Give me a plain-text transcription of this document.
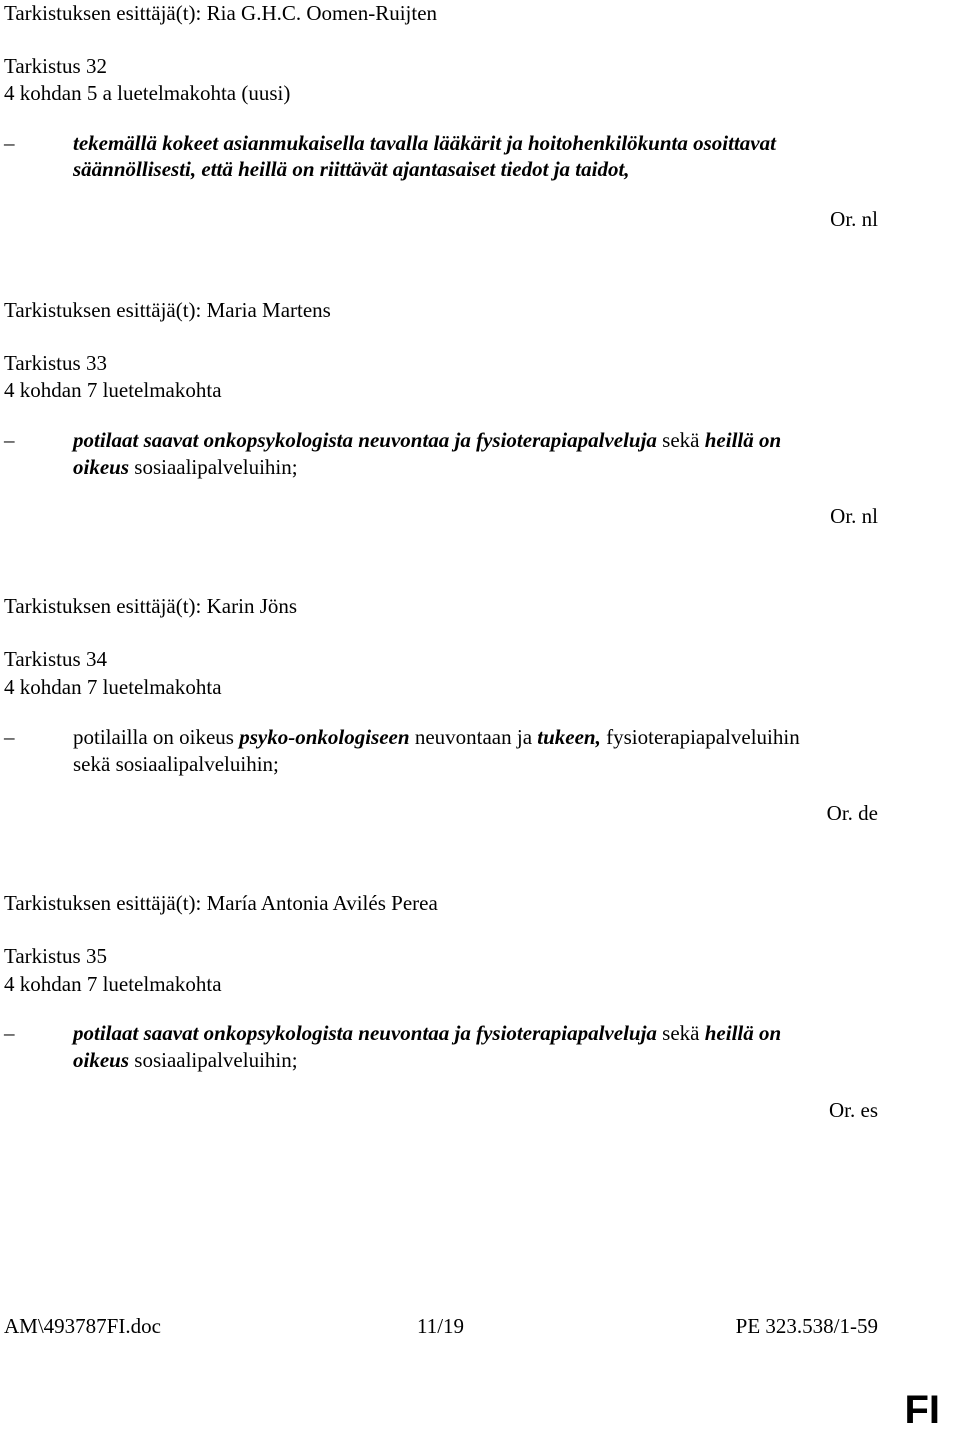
Tarkistuksen esittäjä(t): Ria G.H.C. Oomen-Ruijten
Tarkistus 32
4 kohdan 5 a luetelmakohta (uusi)
–	tekemällä kokeet asianmukaisella tavalla lääkärit ja hoitohenkilökunta osoittavat
säännöllisesti, että heillä on riittävät ajantasaiset tiedot ja taidot,
Or. nl
Tarkistuksen esittäjä(t): Maria Martens
Tarkistus 33
4 kohdan 7 luetelmakohta
–	potilaat saavat onkopsykologista neuvontaa ja fysioterapiapalveluja sekä heillä on
oikeus sosiaalipalveluihin;
Or. nl
Tarkistuksen esittäjä(t): Karin Jöns
Tarkistus 34
4 kohdan 7 luetelmakohta
–	potilailla on oikeus psyko-onkologiseen neuvontaan ja tukeen, fysioterapiapalveluihin
sekä sosiaalipalveluihin;
Or. de
Tarkistuksen esittäjä(t): María Antonia Avilés Perea
Tarkistus 35
4 kohdan 7 luetelmakohta
–	potilaat saavat onkopsykologista neuvontaa ja fysioterapiapalveluja sekä heillä on
oikeus sosiaalipalveluihin;
Or. es
AM\493787FI.doc	11/19	PE 323.538/1-59
FI
